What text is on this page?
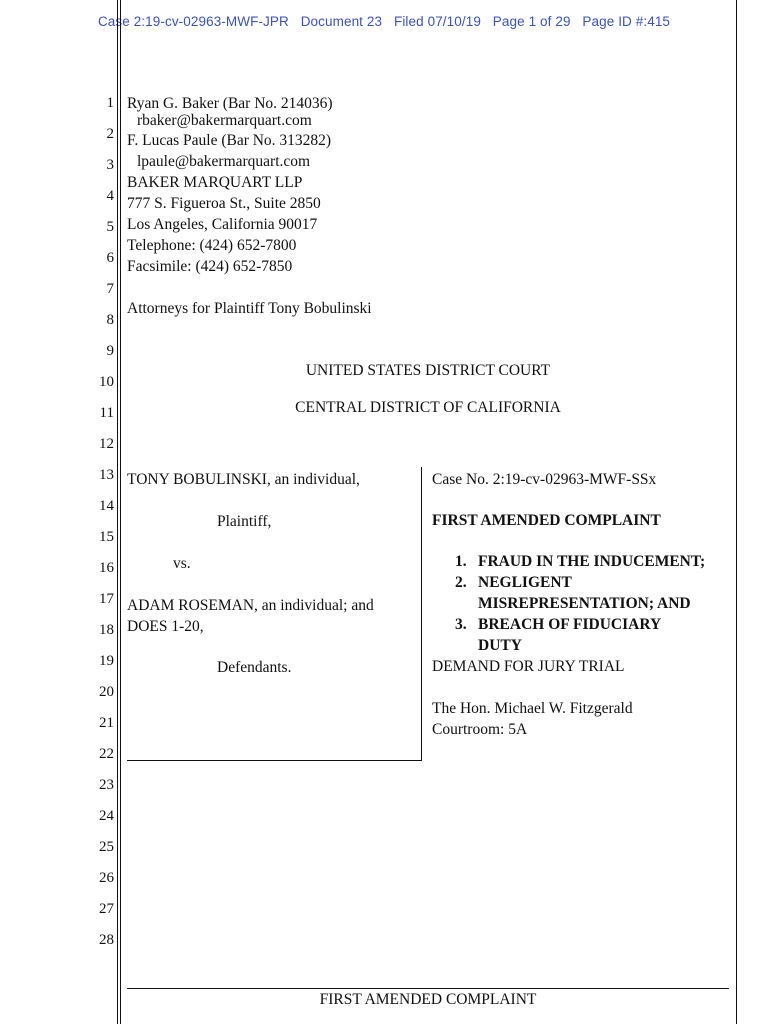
Case 2:19-cv-02963-MWF-JPR Document 23 Filed 07/10/19 Page 1 of 29 Page ID #:415
1
2
3
4
5
6
7
8
9
10
11
12
13
14
15
16
17
18
19
20
21
22
23
24
25
26
27
28
Ryan G. Baker (Bar No. 214036)
rbaker@bakermarquart.com
F. Lucas Paule (Bar No. 313282)
lpaule@bakermarquart.com
BAKER MARQUART LLP
777 S. Figueroa St., Suite 2850
Los Angeles, California 90017
Telephone: (424) 652-7800
Facsimile: (424) 652-7850
Attorneys for Plaintiff Tony Bobulinski
UNITED STATES DISTRICT COURT
CENTRAL DISTRICT OF CALIFORNIA
TONY BOBULINSKI, an individual,
Plaintiff,
vs.
ADAM ROSEMAN, an individual; and
DOES 1-20,
Defendants.
Case No. 2:19-cv-02963-MWF-SSx
FIRST AMENDED COMPLAINT
1. FRAUD IN THE INDUCEMENT;
2. NEGLIGENT
MISREPRESENTATION; AND
3. BREACH OF FIDUCIARY
DUTY
DEMAND FOR JURY TRIAL
The Hon. Michael W. Fitzgerald
Courtroom: 5A
FIRST AMENDED COMPLAINT
